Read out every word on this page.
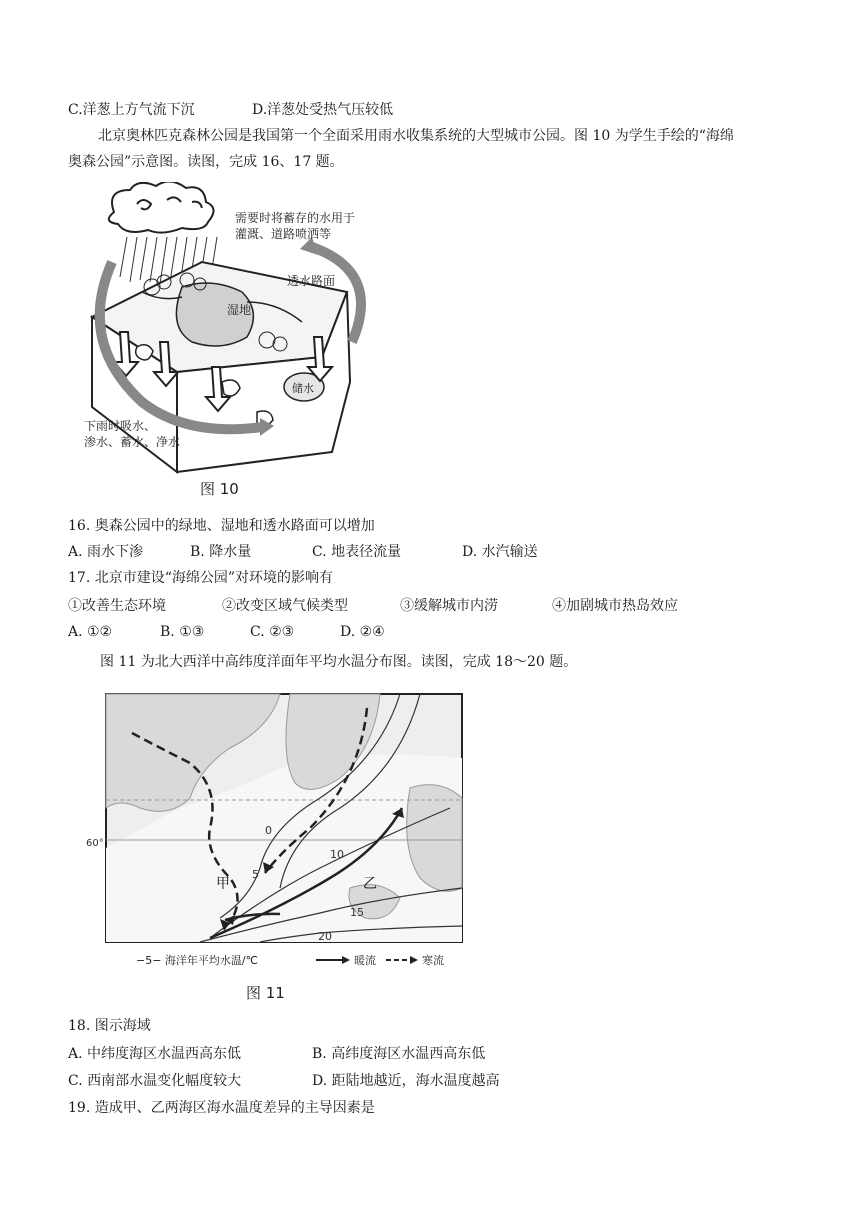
C.洋葱上方气流下沉	D.洋葱处受热气压较低
北京奥林匹克森林公园是我国第一个全面采用雨水收集系统的大型城市公园。图 10 为学生手绘的“海绵
奥森公园”示意图。读图，完成 16、17 题。
需要时将蓄存的水用于
灌溉、道路喷洒等
透水路面
湿地
储水
下雨时吸水、
渗水、蓄水、净水
图 10
16. 奥森公园中的绿地、湿地和透水路面可以增加
A. 雨水下渗	B. 降水量	C. 地表径流量	D. 水汽输送
17. 北京市建设“海绵公园”对环境的影响有
①改善生态环境	②改变区域气候类型	③缓解城市内涝	④加剧城市热岛效应
A. ①②	B. ①③	C. ②③	D. ②④
图 11 为北大西洋中高纬度洋面年平均水温分布图。读图，完成 18～20 题。
60°
0
5
10
15
20
甲	乙
−5− 海洋年平均水温/℃	暖流	寒流
图 11
18. 图示海域
A. 中纬度海区水温西高东低	B. 高纬度海区水温西高东低
C. 西南部水温变化幅度较大	D. 距陆地越近，海水温度越高
19. 造成甲、乙两海区海水温度差异的主导因素是
